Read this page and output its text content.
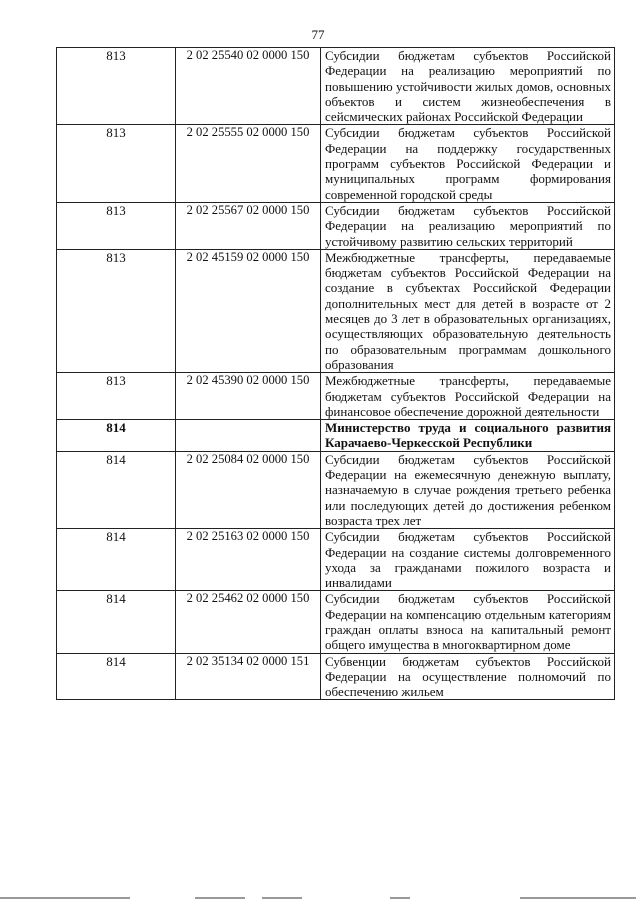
77
813	2 02 25540 02 0000 150	Субсидии бюджетам субъектов Российской Федерации на реализацию мероприятий по повышению устойчивости жилых домов, основных объектов и систем жизнеобеспечения в сейсмических районах Российской Федерации
813	2 02 25555 02 0000 150	Субсидии бюджетам субъектов Российской Федерации на поддержку государственных программ субъектов Российской Федерации и муниципальных программ формирования современной городской среды
813	2 02 25567 02 0000 150	Субсидии бюджетам субъектов Российской Федерации на реализацию мероприятий по устойчивому развитию сельских территорий
813	2 02 45159 02 0000 150	Межбюджетные трансферты, передаваемые бюджетам субъектов Российской Федерации на создание в субъектах Российской Федерации дополнительных мест для детей в возрасте от 2 месяцев до 3 лет в образовательных организациях, осуществляющих образовательную деятельность по образовательным программам дошкольного образования
813	2 02 45390 02 0000 150	Межбюджетные трансферты, передаваемые бюджетам субъектов Российской Федерации на финансовое обеспечение дорожной деятельности
814		Министерство труда и социального развития Карачаево-Черкесской Республики
814	2 02 25084 02 0000 150	Субсидии бюджетам субъектов Российской Федерации на ежемесячную денежную выплату, назначаемую в случае рождения третьего ребенка или последующих детей до достижения ребенком возраста трех лет
814	2 02 25163 02 0000 150	Субсидии бюджетам субъектов Российской Федерации на создание системы долговременного ухода за гражданами пожилого возраста и инвалидами
814	2 02 25462 02 0000 150	Субсидии бюджетам субъектов Российской Федерации на компенсацию отдельным категориям граждан оплаты взноса на капитальный ремонт общего имущества в многоквартирном доме
814	2 02 35134 02 0000 151	Субвенции бюджетам субъектов Российской Федерации на осуществление полномочий по обеспечению жильем
